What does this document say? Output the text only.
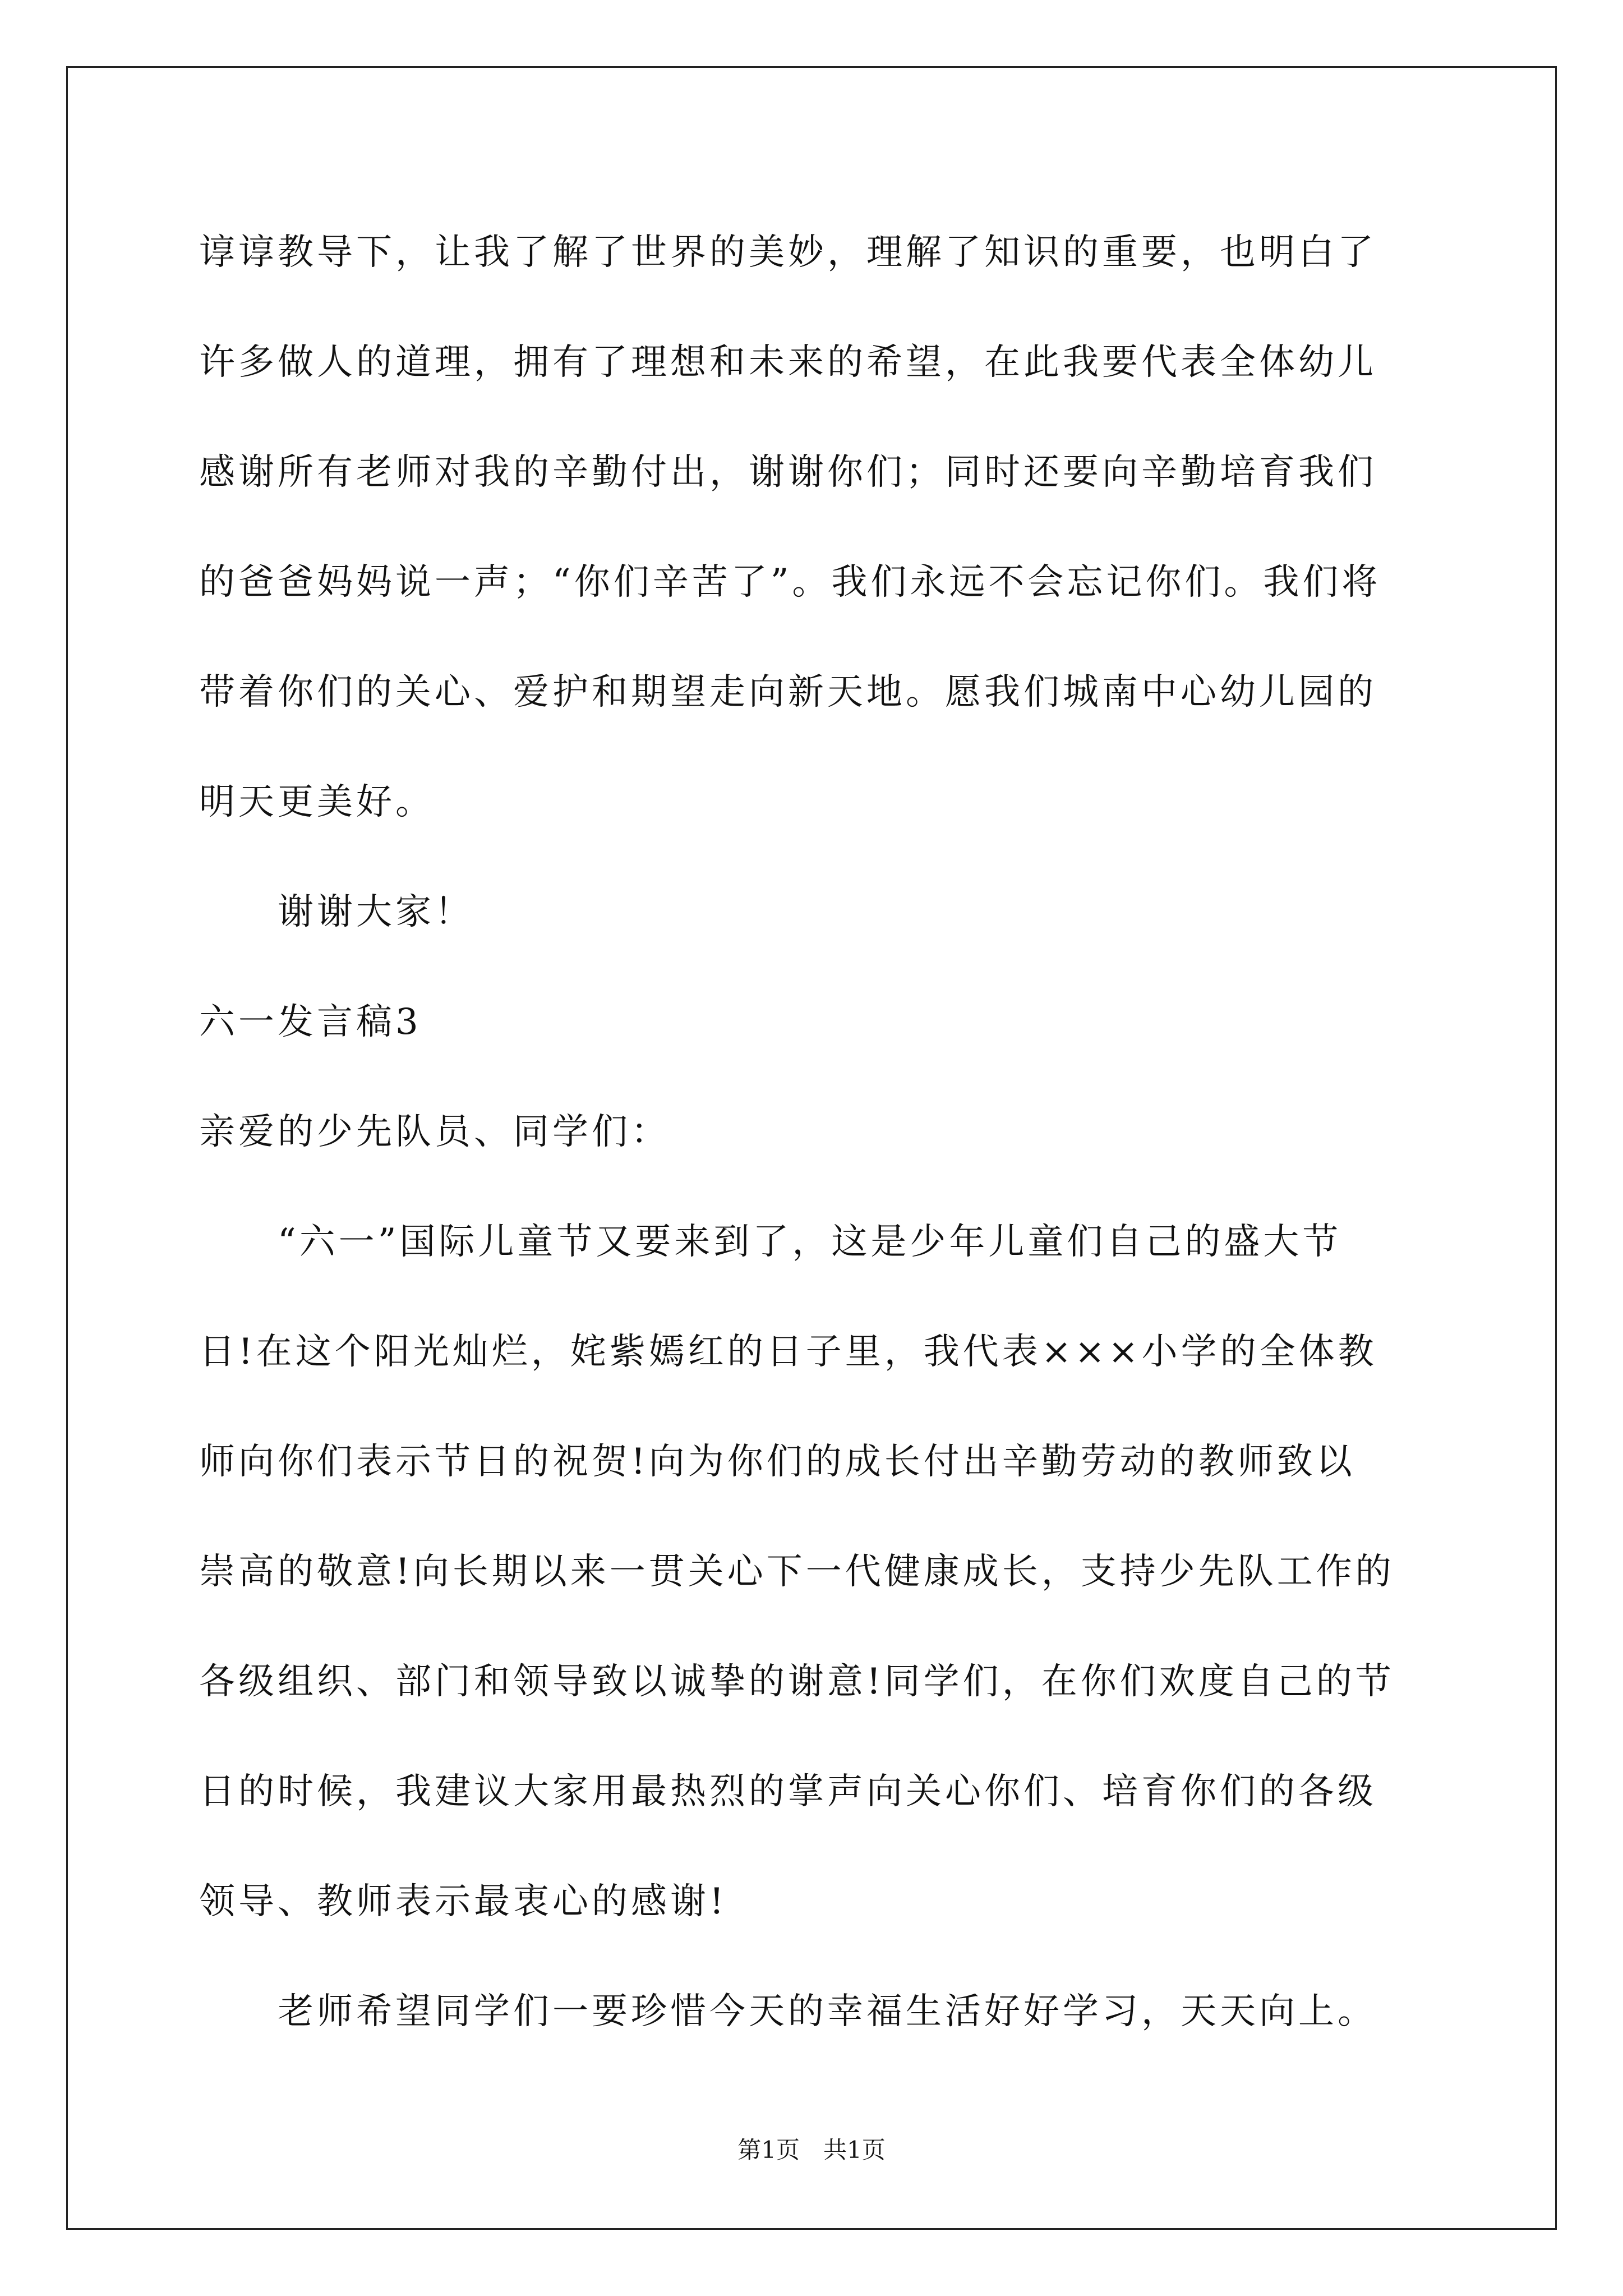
谆谆教导下，让我了解了世界的美妙，理解了知识的重要，也明白了
许多做人的道理，拥有了理想和未来的希望，在此我要代表全体幼儿
感谢所有老师对我的辛勤付出，谢谢你们；同时还要向辛勤培育我们
的爸爸妈妈说一声；“你们辛苦了”。我们永远不会忘记你们。我们将
带着你们的关心、爱护和期望走向新天地。愿我们城南中心幼儿园的
明天更美好。
谢谢大家！
六一发言稿3
亲爱的少先队员、同学们：
“六一”国际儿童节又要来到了，这是少年儿童们自己的盛大节
日!在这个阳光灿烂，姹紫嫣红的日子里，我代表×××小学的全体教
师向你们表示节日的祝贺!向为你们的成长付出辛勤劳动的教师致以
崇高的敬意!向长期以来一贯关心下一代健康成长，支持少先队工作的
各级组织、部门和领导致以诚挚的谢意!同学们，在你们欢度自己的节
日的时候，我建议大家用最热烈的掌声向关心你们、培育你们的各级
领导、教师表示最衷心的感谢!
老师希望同学们一要珍惜今天的幸福生活好好学习，天天向上。
第1页　共1页
